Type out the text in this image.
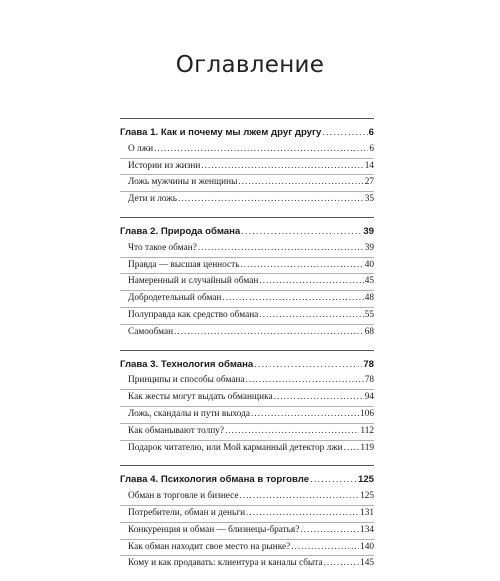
Оглавление
Глава 1. Как и почему мы лжем друг другу .....	6
О лжи .....	6
Истории из жизни .....	14
Ложь мужчины и женщины .....	27
Дети и ложь .....	35
Глава 2. Природа обмана .....	39
Что такое обман? .....	39
Правда — высшая ценность .....	40
Намеренный и случайный обман .....	45
Добродетельный обман .....	48
Полуправда как средство обмана .....	55
Самообман .....	68
Глава 3. Технология обмана .....	78
Принципы и способы обмана .....	78
Как жесты могут выдать обманщика .....	94
Ложь, скандалы и пути выхода .....	106
Как обманывают толпу? .....	112
Подарок читателю, или Мой карманный детектор лжи ..... 119
Глава 4. Психология обмана в торговле .....	125
Обман в торговле и бизнесе .....	125
Потребители, обман и деньги .....	131
Конкуренция и обман — близнецы-братья? .....	134
Как обман находит свое место на рынке? .....	140
Кому и как продавать: клиентура и каналы сбыта .....	145
